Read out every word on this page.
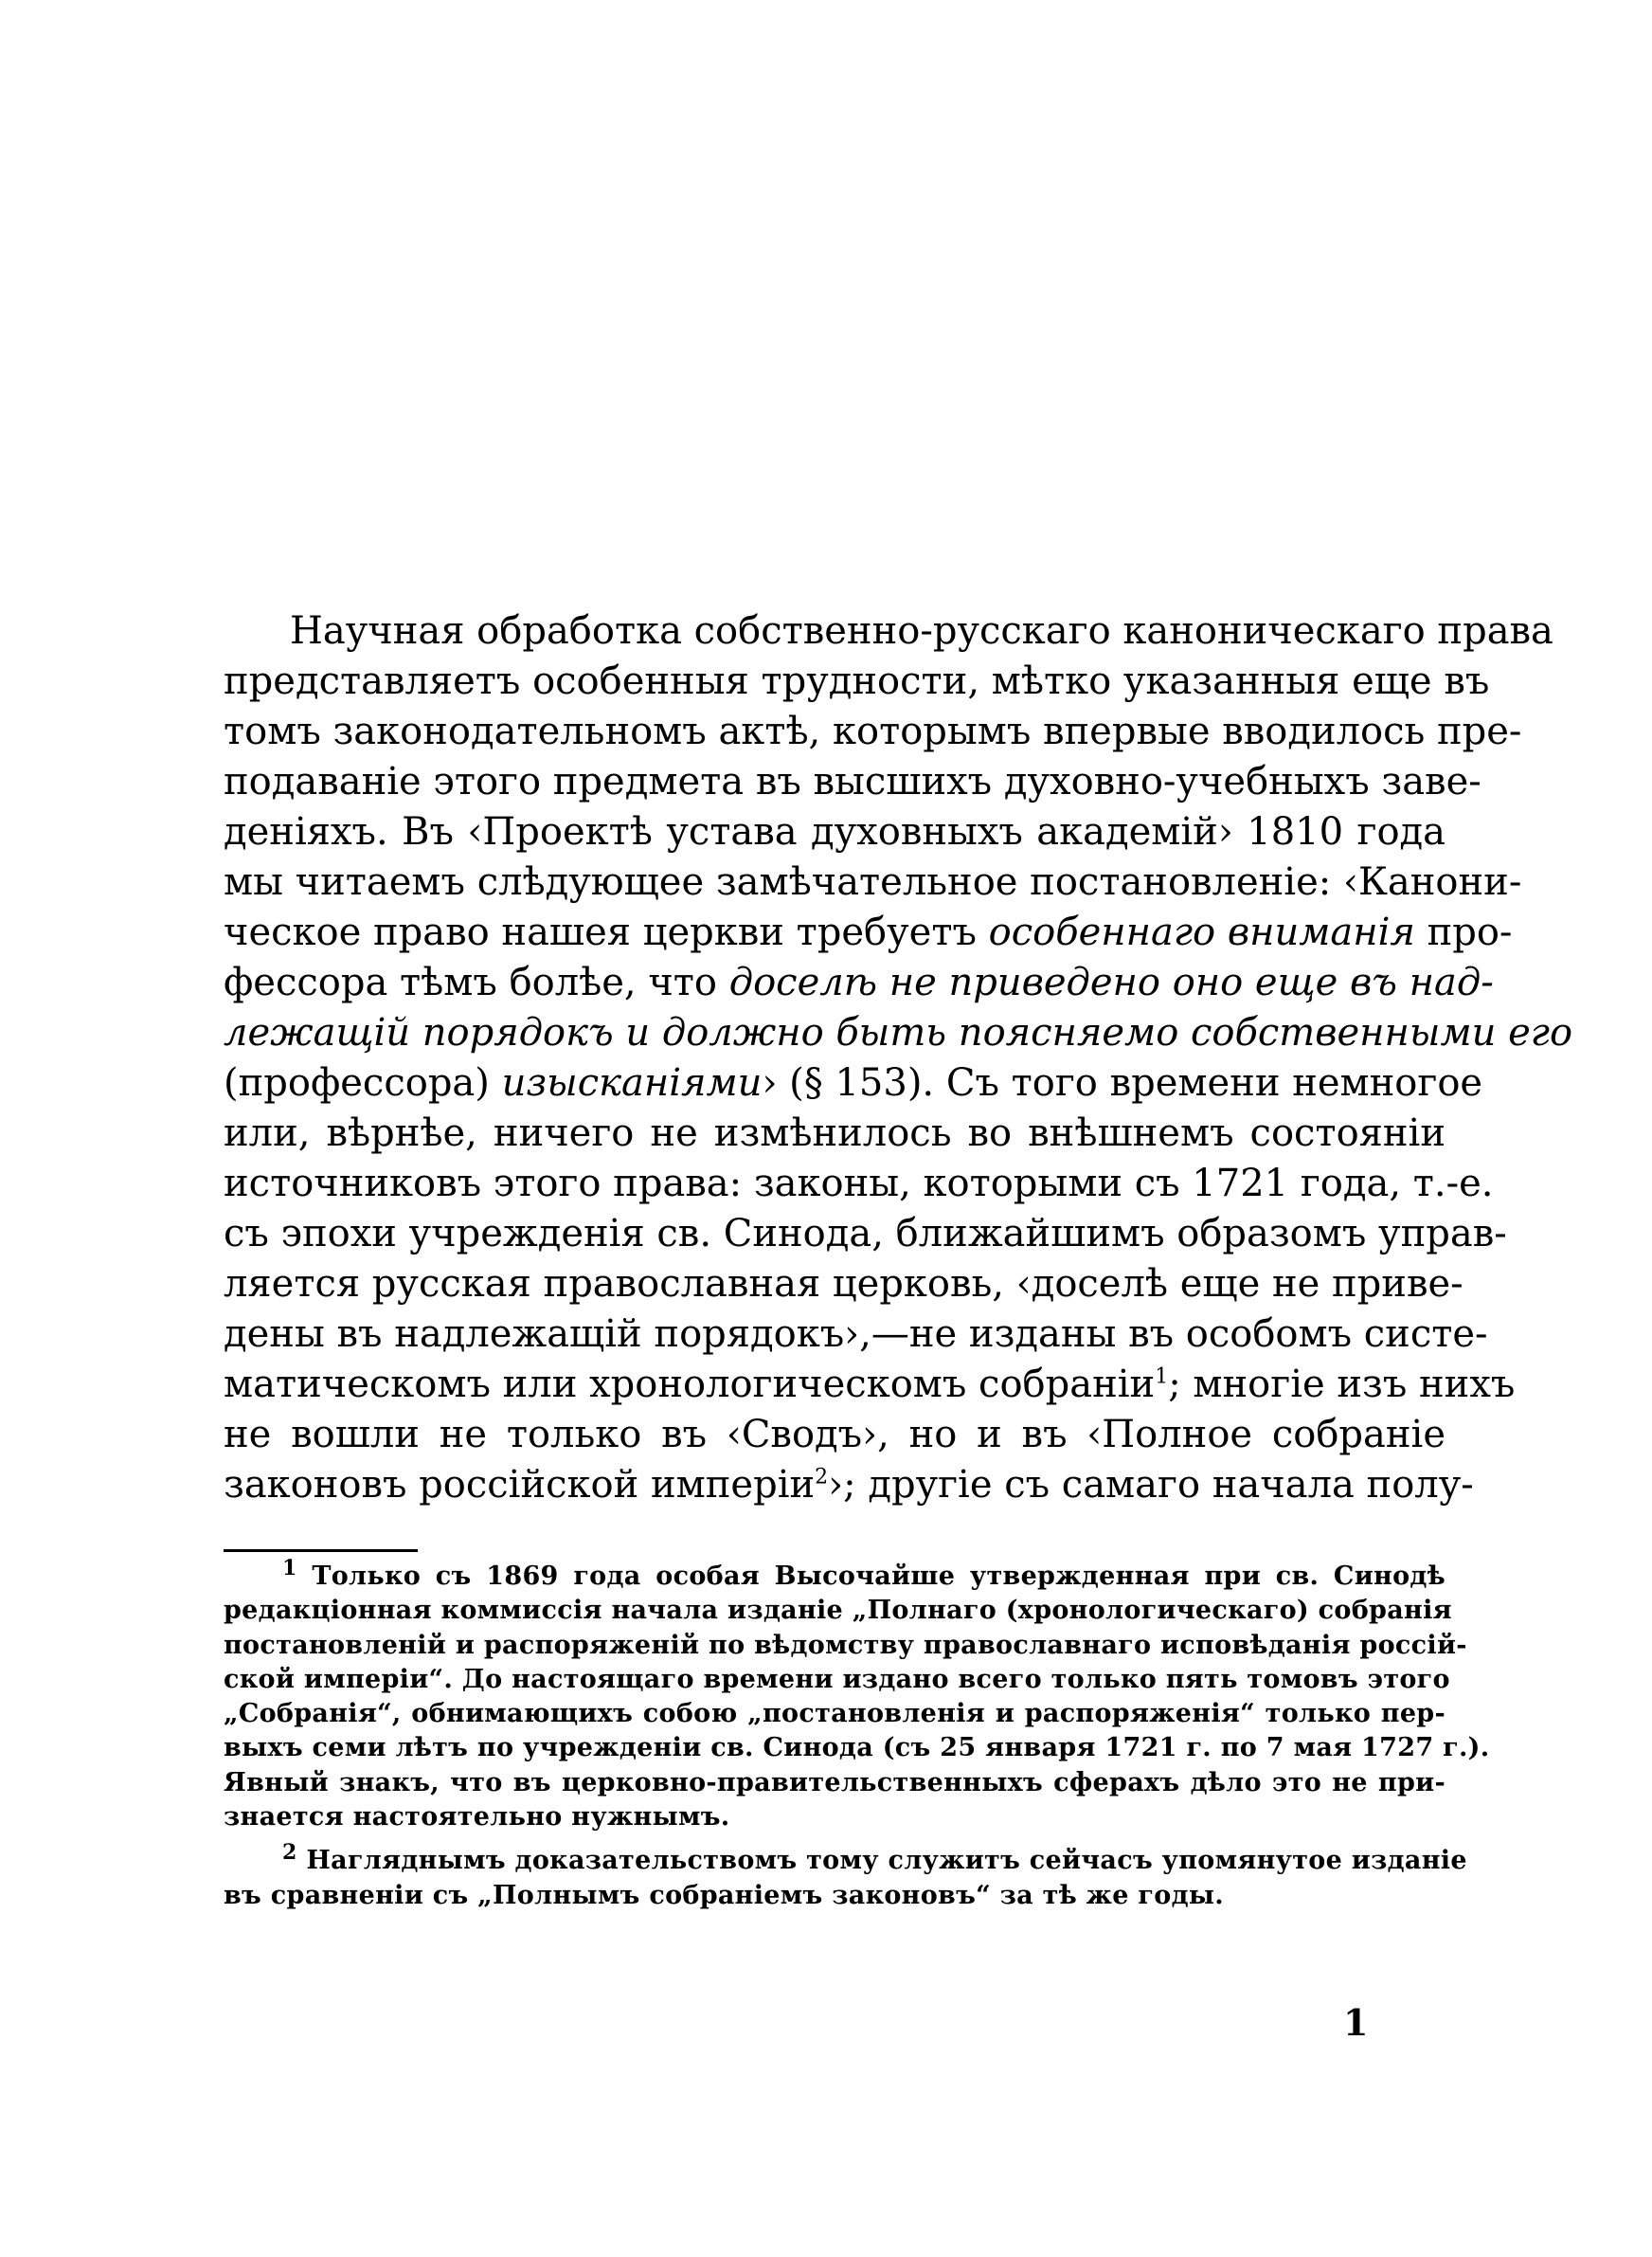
Научная обработка собственно-русскаго каноническаго права
представляетъ особенныя трудности, мѣтко указанныя еще въ
томъ законодательномъ актѣ, которымъ впервые вводилось пре-
подаваніе этого предмета въ высшихъ духовно-учебныхъ заве-
деніяхъ. Въ ‹Проектѣ устава духовныхъ академій› 1810 года
мы читаемъ слѣдующее замѣчательное постановленіе: ‹Канони-
ческое право нашея церкви требуетъ особеннаго вниманія про-
фессора тѣмъ болѣе, что доселѣ не приведено оно еще въ над-
лежащій порядокъ и должно быть поясняемо собственными его
(профессора) изысканіями› (§ 153). Съ того времени немногое
или, вѣрнѣе, ничего не измѣнилось во внѣшнемъ состояніи
источниковъ этого права: законы, которыми съ 1721 года, т.-е.
съ эпохи учрежденія св. Синода, ближайшимъ образомъ управ-
ляется русская православная церковь, ‹доселѣ еще не приве-
дены въ надлежащій порядокъ›,—не изданы въ особомъ систе-
матическомъ или хронологическомъ собраніи$^1$; многіе изъ нихъ
не вошли не только въ ‹Сводъ›, но и въ ‹Полное собраніе
законовъ россійской имперіи$^2$›; другіе съ самаго начала полу-
$^1$ Только съ 1869 года особая Высочайше утвержденная при св. Синодѣ
редакціонная коммиссія начала изданіе „Полнаго (хронологическаго) собранія
постановленій и распоряженій по вѣдомству православнаго исповѣданія россій-
ской имперіи“. До настоящаго времени издано всего только пять томовъ этого
„Собранія“, обнимающихъ собою „постановленія и распоряженія“ только пер-
выхъ семи лѣтъ по учрежденіи св. Синода (съ 25 января 1721 г. по 7 мая 1727 г.).
Явный знакъ, что въ церковно-правительственныхъ сферахъ дѣло это не при-
знается настоятельно нужнымъ.
$^2$ Нагляднымъ доказательствомъ тому служитъ сейчасъ упомянутое изданіе
въ сравненіи съ „Полнымъ собраніемъ законовъ“ за тѣ же годы.
1
